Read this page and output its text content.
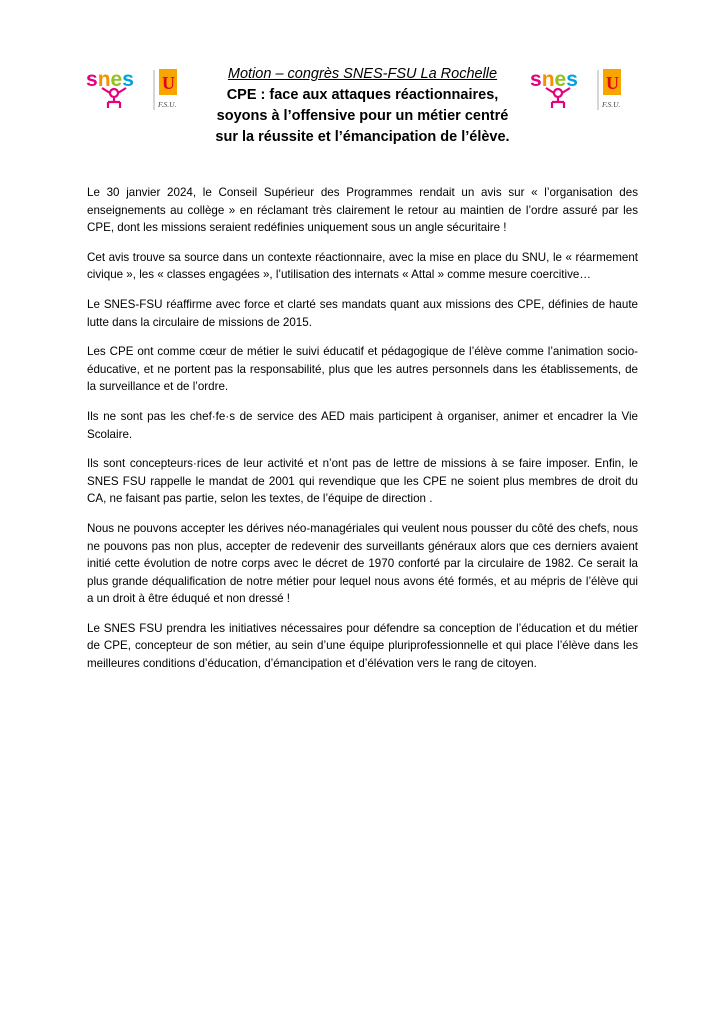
snes U
F.S.U.
snes U
F.S.U.

Motion – congrès SNES-FSU La Rochelle

CPE : face aux attaques réactionnaires,
soyons à l’offensive pour un métier centré
sur la réussite et l’émancipation de l’élève.

Le 30 janvier 2024, le Conseil Supérieur des Programmes rendait un avis sur « l’organisation des enseignements au collège » en réclamant très clairement le retour au maintien de l’ordre assuré par les CPE, dont les missions seraient redéfinies uniquement sous un angle sécuritaire !

Cet avis trouve sa source dans un contexte réactionnaire, avec la mise en place du SNU, le « réarmement civique », les « classes engagées », l’utilisation des internats « Attal » comme mesure coercitive…

Le SNES-FSU réaffirme avec force et clarté ses mandats quant aux missions des CPE, définies de haute lutte dans la circulaire de missions de 2015.

Les CPE ont comme cœur de métier le suivi éducatif et pédagogique de l’élève comme l’animation socio-éducative, et ne portent pas la responsabilité, plus que les autres personnels dans les établissements, de la surveillance et de l’ordre.

Ils ne sont pas les chef·fe·s de service des AED mais participent à organiser, animer et encadrer la Vie Scolaire.

Ils sont concepteurs·rices de leur activité et n’ont pas de lettre de missions à se faire imposer. Enfin, le SNES FSU rappelle le mandat de 2001 qui revendique que les CPE ne soient plus membres de droit du CA, ne faisant pas partie, selon les textes, de l’équipe de direction .

Nous ne pouvons accepter les dérives néo-managériales qui veulent nous pousser du côté des chefs, nous ne pouvons pas non plus, accepter de redevenir des surveillants généraux alors que ces derniers avaient initié cette évolution de notre corps avec le décret de 1970 conforté par la circulaire de 1982. Ce serait la plus grande déqualification de notre métier pour lequel nous avons été formés, et au mépris de l’élève qui a un droit à être éduqué et non dressé !

Le SNES FSU prendra les initiatives nécessaires pour défendre sa conception de l’éducation et du métier de CPE, concepteur de son métier, au sein d’une équipe pluriprofessionnelle et qui place l’élève dans les meilleures conditions d’éducation, d’émancipation et d’élévation vers le rang de citoyen.
